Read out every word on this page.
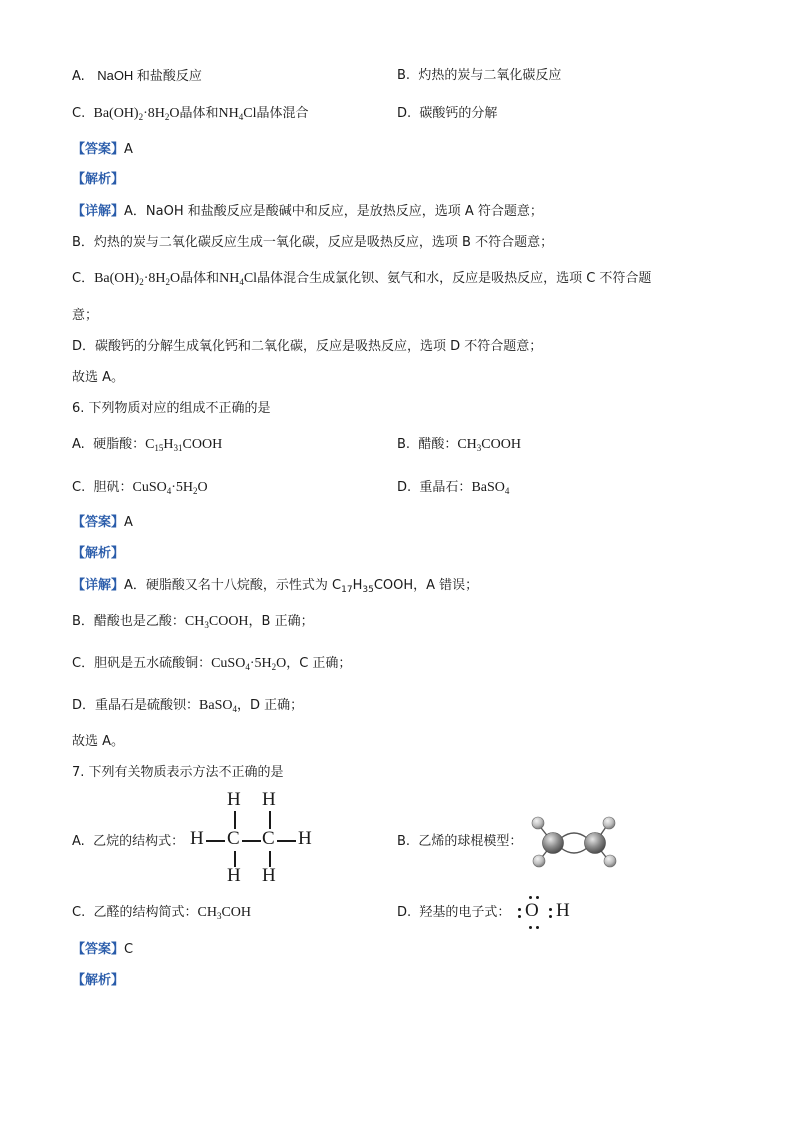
A. NaOH 和盐酸反应	B. 灼热的炭与二氧化碳反应
C. $Ba(OH)_2\cdot 8H_2O$晶体和$NH_4Cl$晶体混合	D. 碳酸钙的分解
【答案】A
【解析】
【详解】A．NaOH 和盐酸反应是酸碱中和反应，是放热反应，选项 A 符合题意；
B．灼热的炭与二氧化碳反应生成一氧化碳，反应是吸热反应，选项 B 不符合题意；
C．$Ba(OH)_2\cdot 8H_2O$晶体和$NH_4Cl$晶体混合生成氯化钡、氨气和水，反应是吸热反应，选项 C 不符合题
意；
D．碳酸钙的分解生成氧化钙和二氧化碳，反应是吸热反应，选项 D 不符合题意；
故选 A。
6. 下列物质对应的组成不正确的是
A. 硬脂酸：$C_{15}H_{31}COOH$	B. 醋酸：$CH_3COOH$
C. 胆矾：$CuSO_4\cdot 5H_2O$	D. 重晶石：BaSO$_4$
【答案】A
【解析】
【详解】A．硬脂酸又名十八烷酸，示性式为 $C_{17}H_{35}COOH$，A 错误；
B．醋酸也是乙酸：$CH_3COOH$，B 正确；
C．胆矾是五水硫酸铜：$CuSO_4\cdot 5H_2O$，C 正确；
D．重晶石是硫酸钡：BaSO$_4$，D 正确；
故选 A。
7. 下列有关物质表示方法不正确的是
A. 乙烷的结构式：
H H
H C C H
H H
B. 乙烯的球棍模型：
C. 乙醛的结构简式：$CH_3COH$	D. 羟基的电子式： O H
【答案】C
【解析】
